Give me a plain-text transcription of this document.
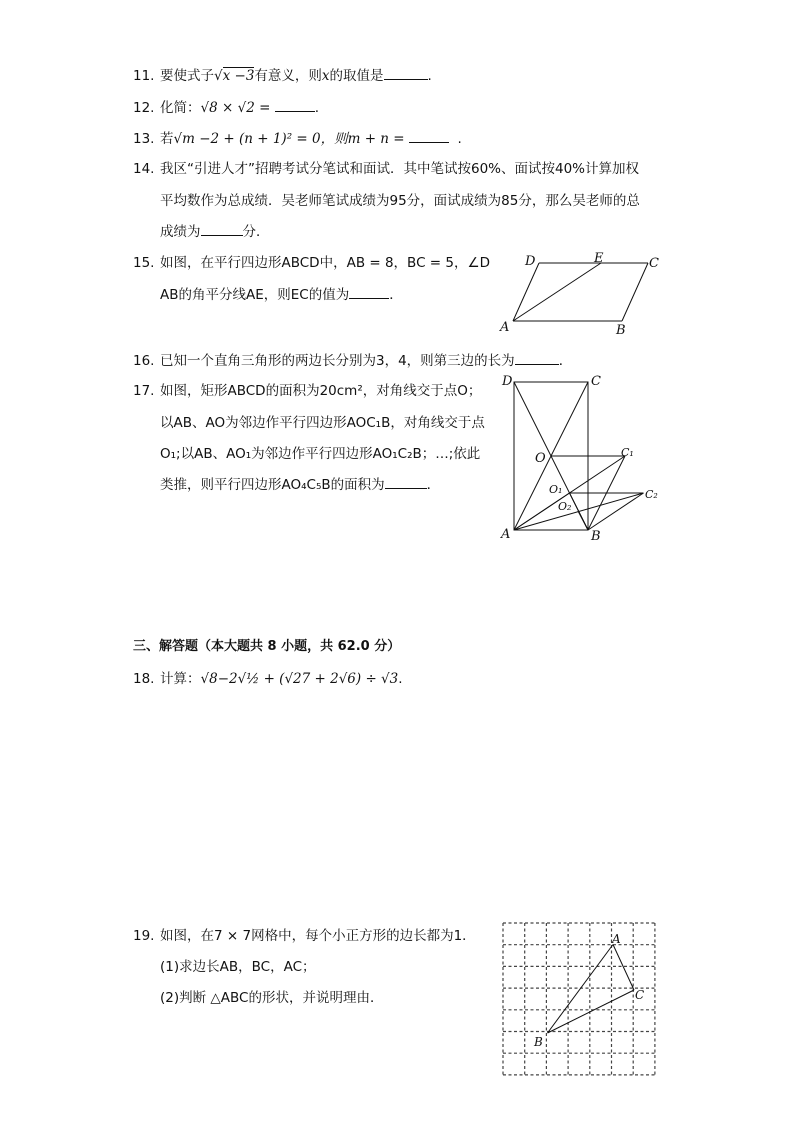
11. 要使式子√x −3有意义，则x的取值是	.
12. 化简：√8 × √2 =	.
13. 若√m −2 + (n + 1)² = 0，则m + n =	.
14. 我区“引进人才”招聘考试分笔试和面试．其中笔试按60%、面试按40%计算加权
平均数作为总成绩．吴老师笔试成绩为95分，面试成绩为85分，那么吴老师的总
成绩为	分．
15. 如图，在平行四边形ABCD中，AB = 8，BC = 5，∠D
AB的角平分线AE，则EC的值为	．
D	E	C
A	B
16. 已知一个直角三角形的两边长分别为3，4，则第三边的长为	．
17. 如图，矩形ABCD的面积为20cm²，对角线交于点O；
以AB、AO为邻边作平行四边形AOC₁B，对角线交于点
O₁;以AB、AO₁为邻边作平行四边形AO₁C₂B；…;依此
类推，则平行四边形AO₄C₅B的面积为	．
D	C
O	C₁
O₁
O₂
C₂
A	B
三、解答题（本大题共 8 小题，共 62.0 分）
18. 计算：√8−2√½ + (√27 + 2√6) ÷ √3.
19. 如图，在7 × 7网格中，每个小正方形的边长都为1．
(1)求边长AB，BC，AC；
(2)判断 △ABC的形状，并说明理由．
A
C
B
